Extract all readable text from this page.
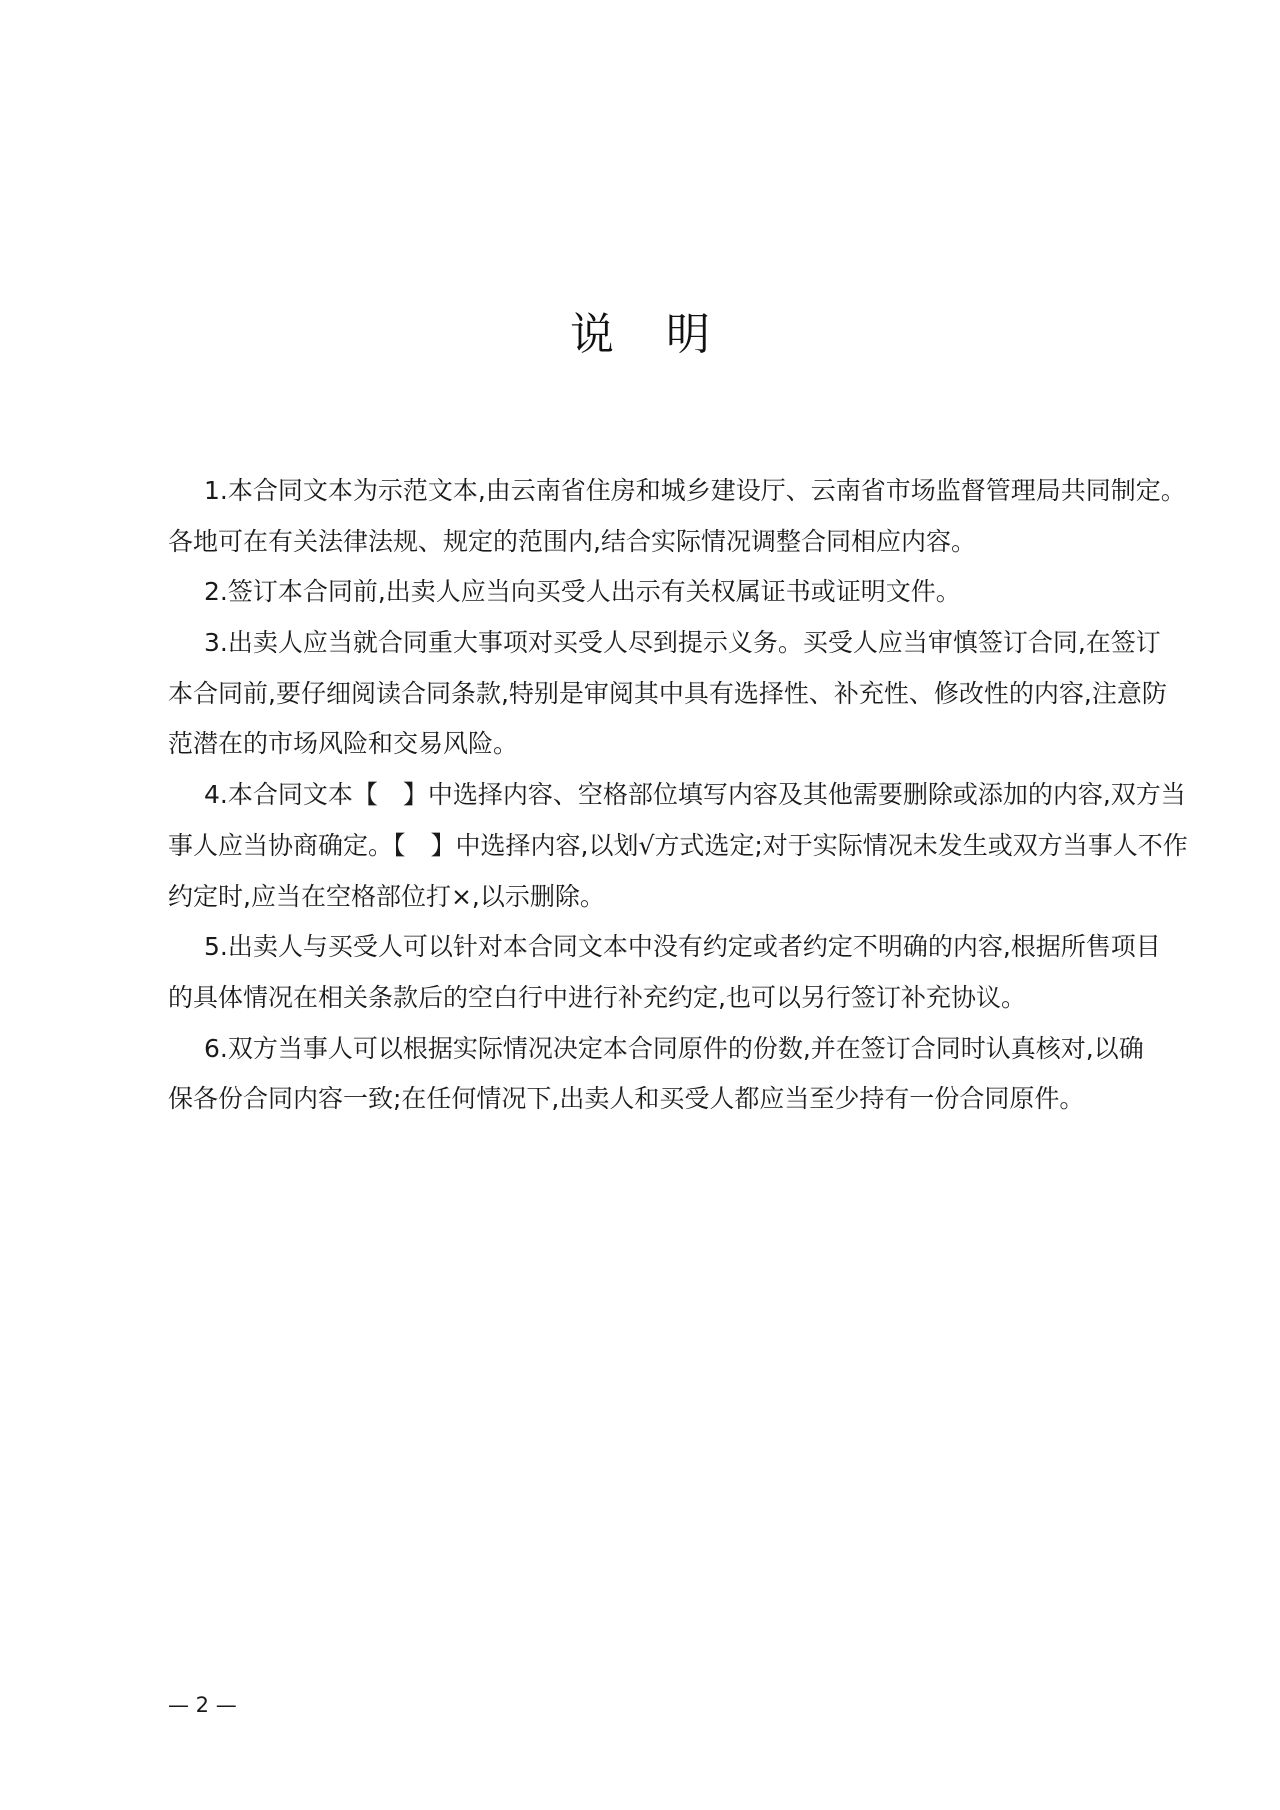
说 明
1.本合同文本为示范文本,由云南省住房和城乡建设厅、云南省市场监督管理局共同制定。
各地可在有关法律法规、规定的范围内,结合实际情况调整合同相应内容。
2.签订本合同前,出卖人应当向买受人出示有关权属证书或证明文件。
3.出卖人应当就合同重大事项对买受人尽到提示义务。买受人应当审慎签订合同,在签订
本合同前,要仔细阅读合同条款,特别是审阅其中具有选择性、补充性、修改性的内容,注意防
范潜在的市场风险和交易风险。
4.本合同文本【　】中选择内容、空格部位填写内容及其他需要删除或添加的内容,双方当
事人应当协商确定。【　】中选择内容,以划√方式选定;对于实际情况未发生或双方当事人不作
约定时,应当在空格部位打×,以示删除。
5.出卖人与买受人可以针对本合同文本中没有约定或者约定不明确的内容,根据所售项目
的具体情况在相关条款后的空白行中进行补充约定,也可以另行签订补充协议。
6.双方当事人可以根据实际情况决定本合同原件的份数,并在签订合同时认真核对,以确
保各份合同内容一致;在任何情况下,出卖人和买受人都应当至少持有一份合同原件。
— 2 —
